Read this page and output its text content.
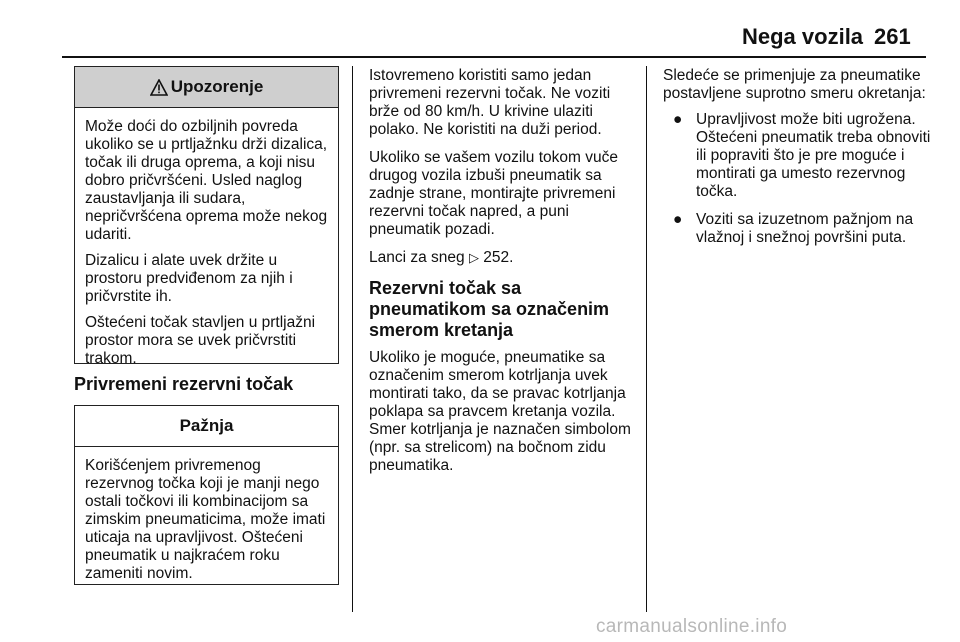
Nega vozila 261
Upozorenje

Može doći do ozbiljnih povreda ukoliko se u prtljažnku drži dizalica, točak ili druga oprema, a koji nisu dobro pričvršćeni. Usled naglog zaustavljanja ili sudara, nepričvršćena oprema može nekog udariti.

Dizalicu i alate uvek držite u prostoru predviđenom za njih i pričvrstite ih.

Oštećeni točak stavljen u prtljažni prostor mora se uvek pričvrstiti trakom.

Privremeni rezervni točak
Pažnja

Korišćenjem privremenog rezervnog točka koji je manji nego ostali točkovi ili kombinacijom sa zimskim pneumaticima, može imati uticaja na upravljivost. Oštećeni pneumatik u najkraćem roku zameniti novim.

Istovremeno koristiti samo jedan privremeni rezervni točak. Ne voziti brže od 80 km/h. U krivine ulaziti polako. Ne koristiti na duži period.

Ukoliko se vašem vozilu tokom vuče drugog vozila izbuši pneumatik sa zadnje strane, montirajte privremeni rezervni točak napred, a puni pneumatik pozadi.

Lanci za sneg ▷ 252.

Rezervni točak sa pneumatikom sa označenim smerom kretanja

Ukoliko je moguće, pneumatike sa označenim smerom kotrljanja uvek montirati tako, da se pravac kotrljanja poklapa sa pravcem kretanja vozila. Smer kotrljanja je naznačen simbolom (npr. sa strelicom) na bočnom zidu pneumatika.

Sledeće se primenjuje za pneumatike postavljene suprotno smeru okretanja:

● Upravljivost može biti ugrožena. Oštećeni pneumatik treba obnoviti ili popraviti što je pre moguće i montirati ga umesto rezervnog točka.
● Voziti sa izuzetnom pažnjom na vlažnoj i snežnoj površini puta.
carmanualsonline.info
